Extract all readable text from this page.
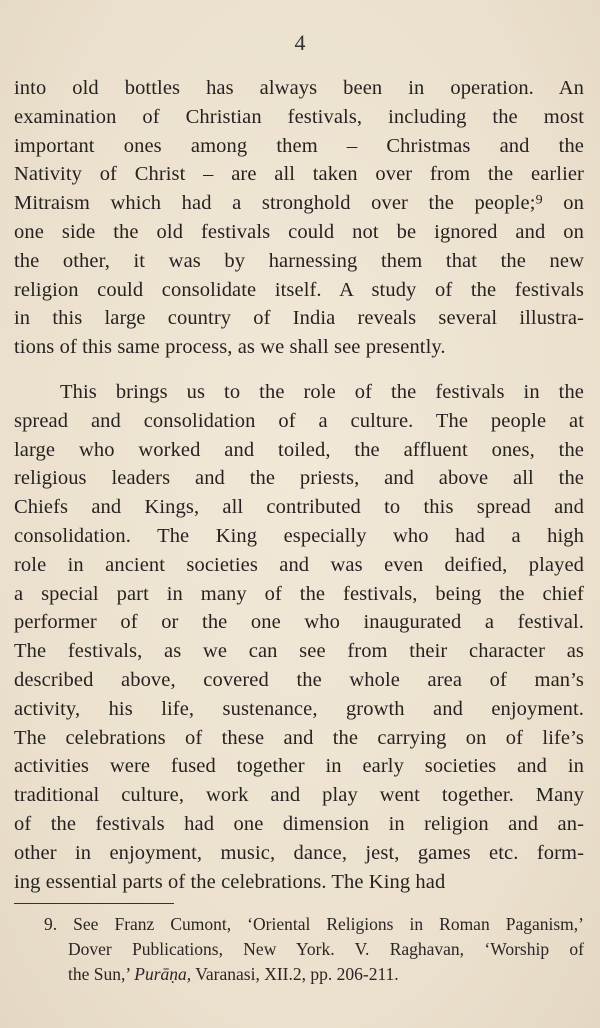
4
into old bottles has always been in operation. An
examination of Christian festivals, including the most
important ones among them – Christmas and the
Nativity of Christ – are all taken over from the earlier
Mitraism which had a stronghold over the people;⁹ on
one side the old festivals could not be ignored and on
the other, it was by harnessing them that the new
religion could consolidate itself. A study of the festivals
in this large country of India reveals several illustra-
tions of this same process, as we shall see presently.
This brings us to the role of the festivals in the
spread and consolidation of a culture. The people at
large who worked and toiled, the affluent ones, the
religious leaders and the priests, and above all the
Chiefs and Kings, all contributed to this spread and
consolidation. The King especially who had a high
role in ancient societies and was even deified, played
a special part in many of the festivals, being the chief
performer of or the one who inaugurated a festival.
The festivals, as we can see from their character as
described above, covered the whole area of man’s
activity, his life, sustenance, growth and enjoyment.
The celebrations of these and the carrying on of life’s
activities were fused together in early societies and in
traditional culture, work and play went together. Many
of the festivals had one dimension in religion and an-
other in enjoyment, music, dance, jest, games etc. form-
ing essential parts of the celebrations. The King had
9. See Franz Cumont, ‘Oriental Religions in Roman Paganism,’
Dover Publications, New York. V. Raghavan, ‘Worship of
the Sun,’ Purāṇa, Varanasi, XII.2, pp. 206-211.
